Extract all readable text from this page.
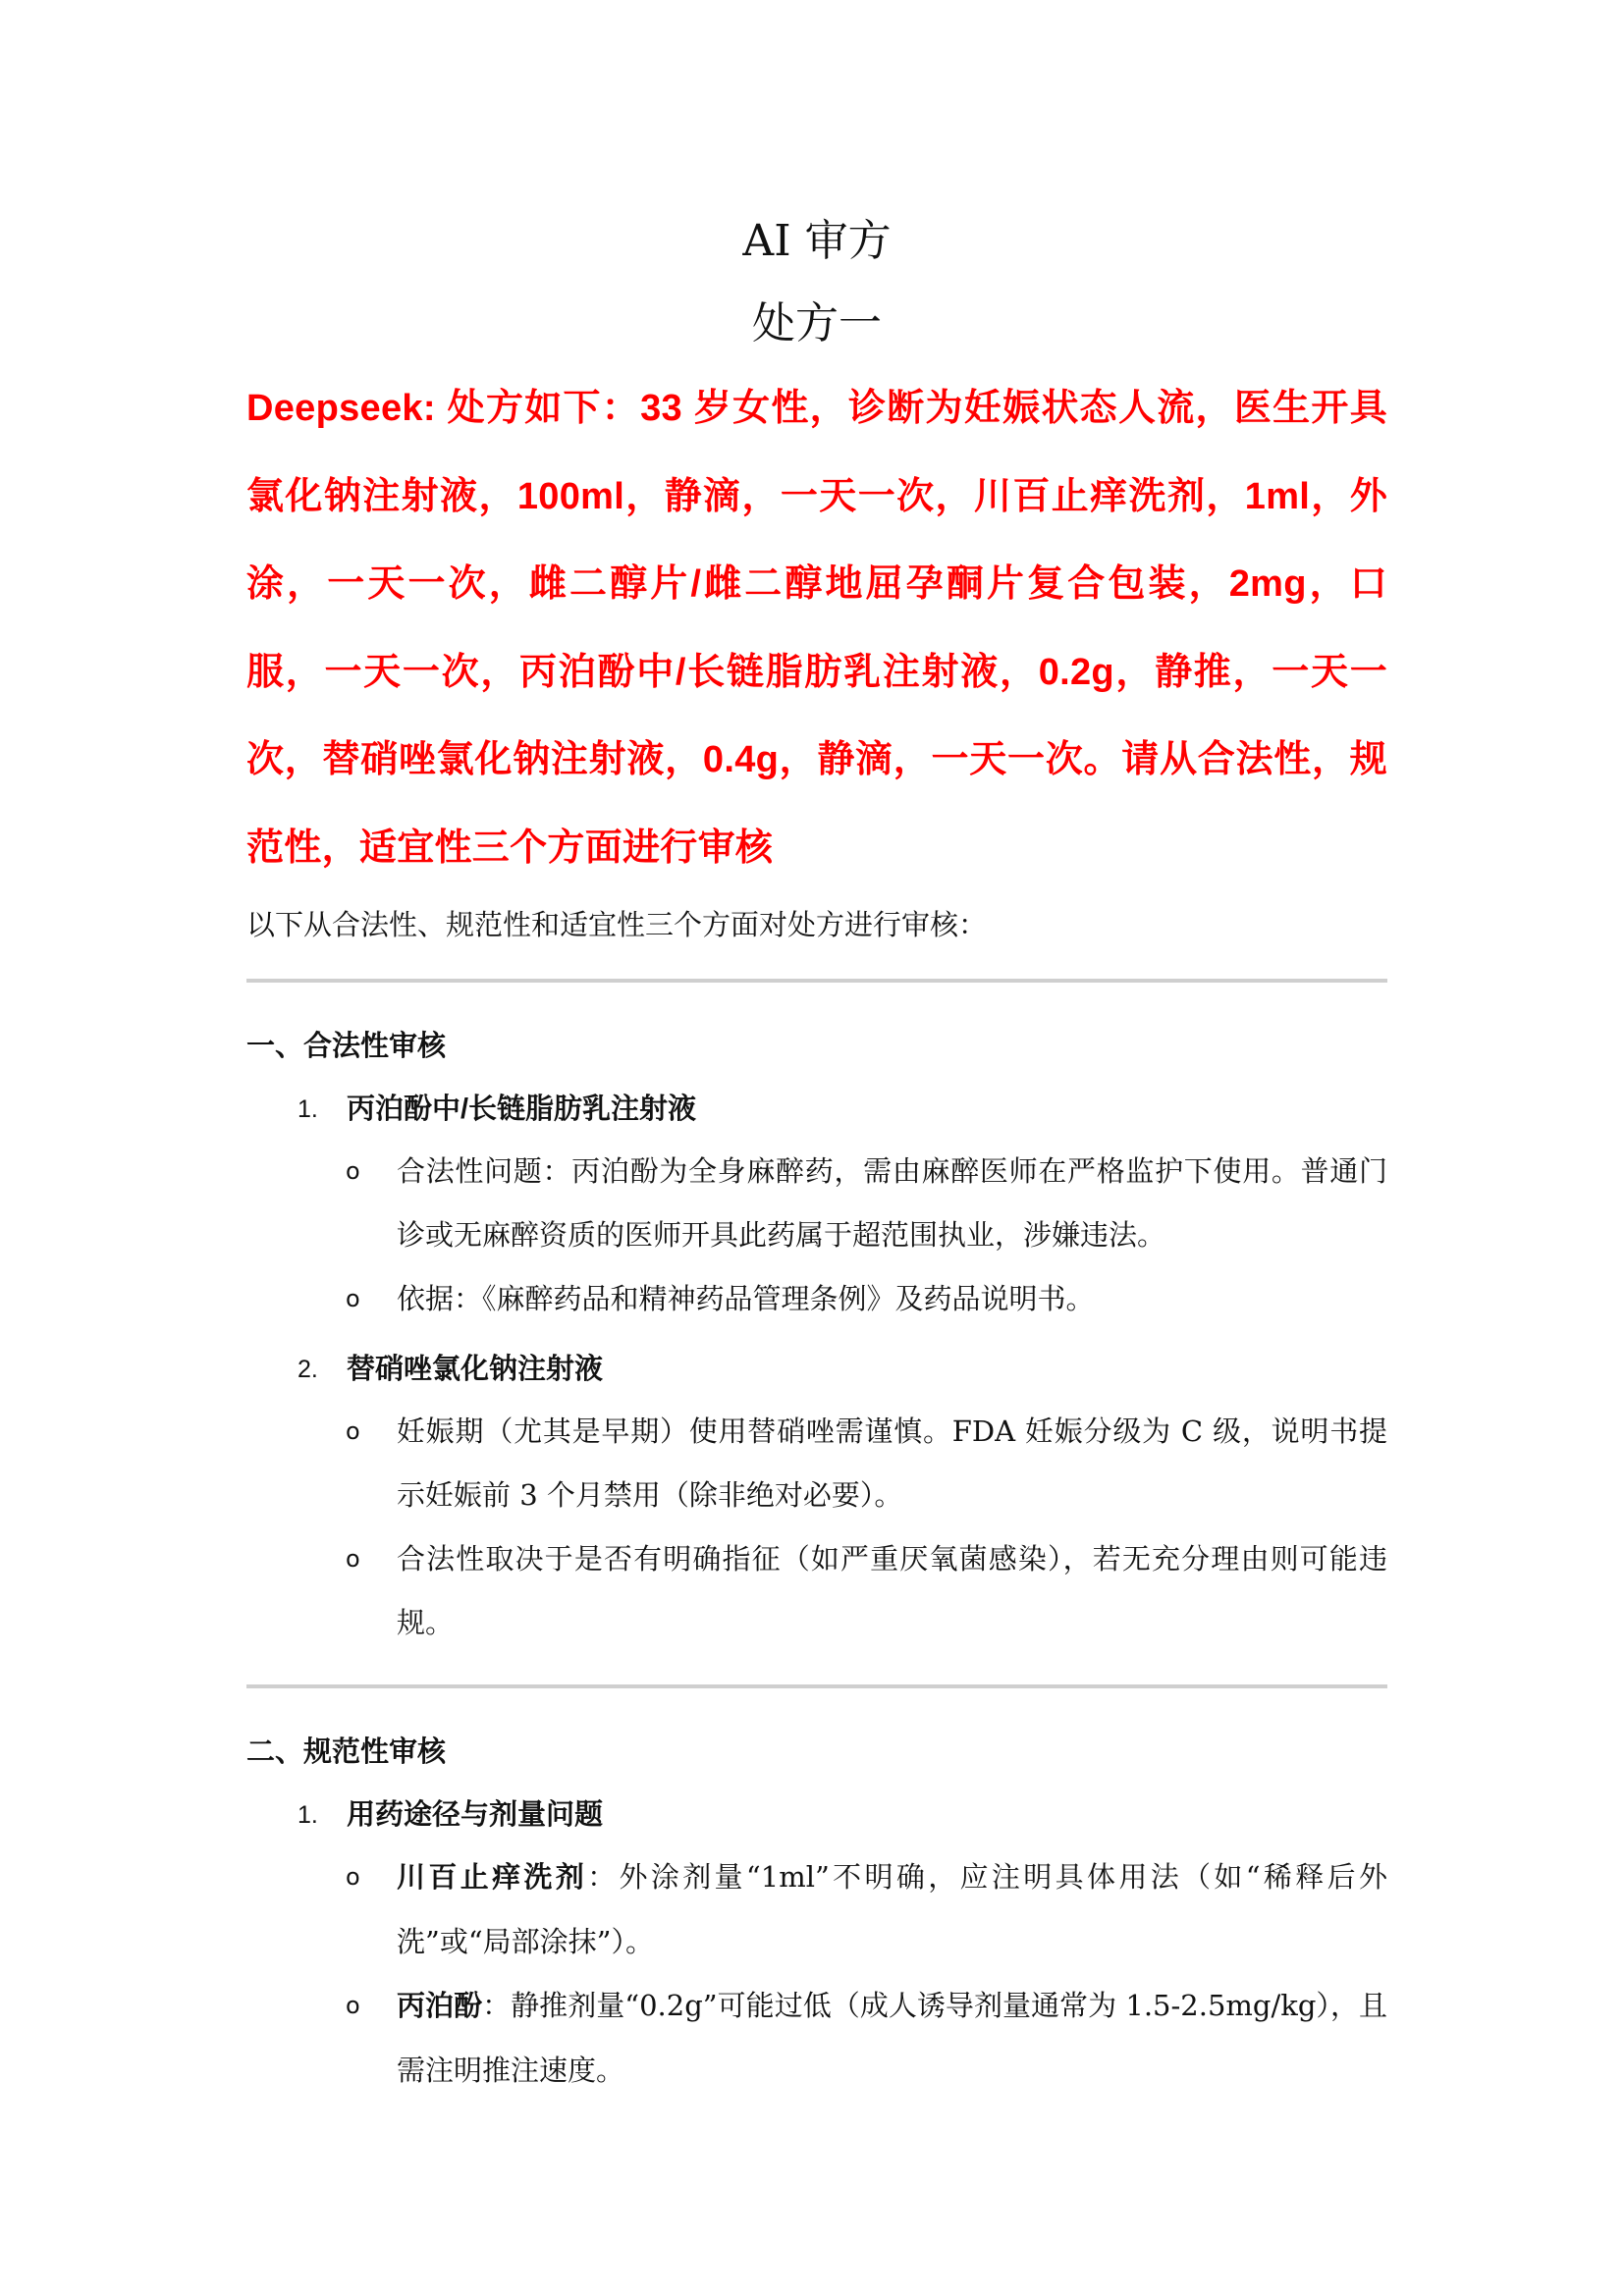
AI 审方
处方一

Deepseek: 处方如下：33 岁女性，诊断为妊娠状态人流，医生开具氯化钠注射液，100ml，静滴，一天一次，川百止痒洗剂，1ml，外涂，一天一次，雌二醇片/雌二醇地屈孕酮片复合包装，2mg，口服，一天一次，丙泊酚中/长链脂肪乳注射液，0.2g，静推，一天一次，替硝唑氯化钠注射液，0.4g，静滴，一天一次。请从合法性，规范性，适宜性三个方面进行审核

以下从合法性、规范性和适宜性三个方面对处方进行审核：

一、合法性审核
1.	丙泊酚中/长链脂肪乳注射液
o 合法性问题：丙泊酚为全身麻醉药，需由麻醉医师在严格监护下使用。普通门诊或无麻醉资质的医师开具此药属于超范围执业，涉嫌违法。
o 依据：《麻醉药品和精神药品管理条例》及药品说明书。
2.	替硝唑氯化钠注射液
o 妊娠期（尤其是早期）使用替硝唑需谨慎。FDA 妊娠分级为 C 级，说明书提示妊娠前 3 个月禁用（除非绝对必要）。
o 合法性取决于是否有明确指征（如严重厌氧菌感染），若无充分理由则可能违规。
二、规范性审核
1.	用药途径与剂量问题
o 川百止痒洗剂：外涂剂量“1ml”不明确，应注明具体用法（如“稀释后外洗”或“局部涂抹”）。
o 丙泊酚：静推剂量“0.2g”可能过低（成人诱导剂量通常为 1.5-2.5mg/kg），且需注明推注速度。
